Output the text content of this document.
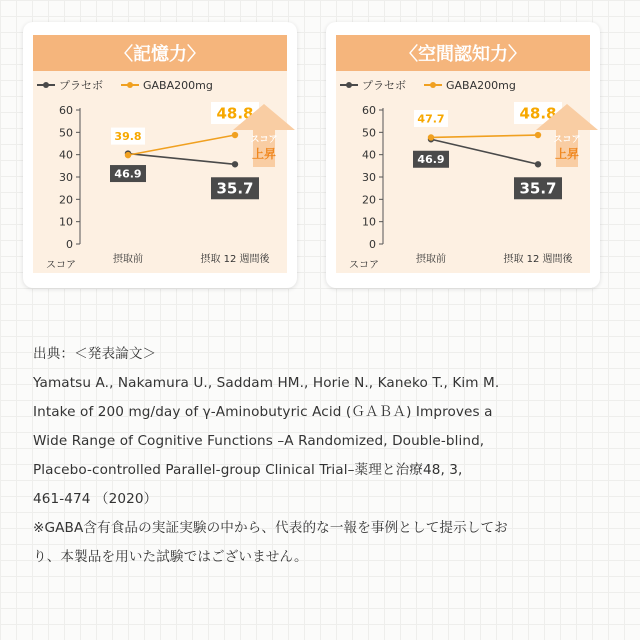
〈記憶力〉
プラセボ	GABA200mg
60
50
40
30
20
10
0
スコア
摂取前	摂取 12 週間後
39.8
46.9
48.8
35.7
スコア
上昇
〈空間認知力〉
プラセボ	GABA200mg
60
50
40
30
20
10
0
スコア
摂取前	摂取 12 週間後
47.7
46.9
48.8
35.7
スコア
上昇
出典：＜発表論文＞
Yamatsu A., Nakamura U., Saddam HM., Horie N., Kaneko T., Kim M.
Intake of 200 mg/day of γ-Aminobutyric Acid (ＧＡＢＡ) Improves a
Wide Range of Cognitive Functions –A Randomized, Double-blind,
Placebo-controlled Parallel-group Clinical Trial–薬理と治療48, 3,
461-474 （2020）
※GABA含有食品の実証実験の中から、代表的な一報を事例として提示してお
り、本製品を用いた試験ではございません。
